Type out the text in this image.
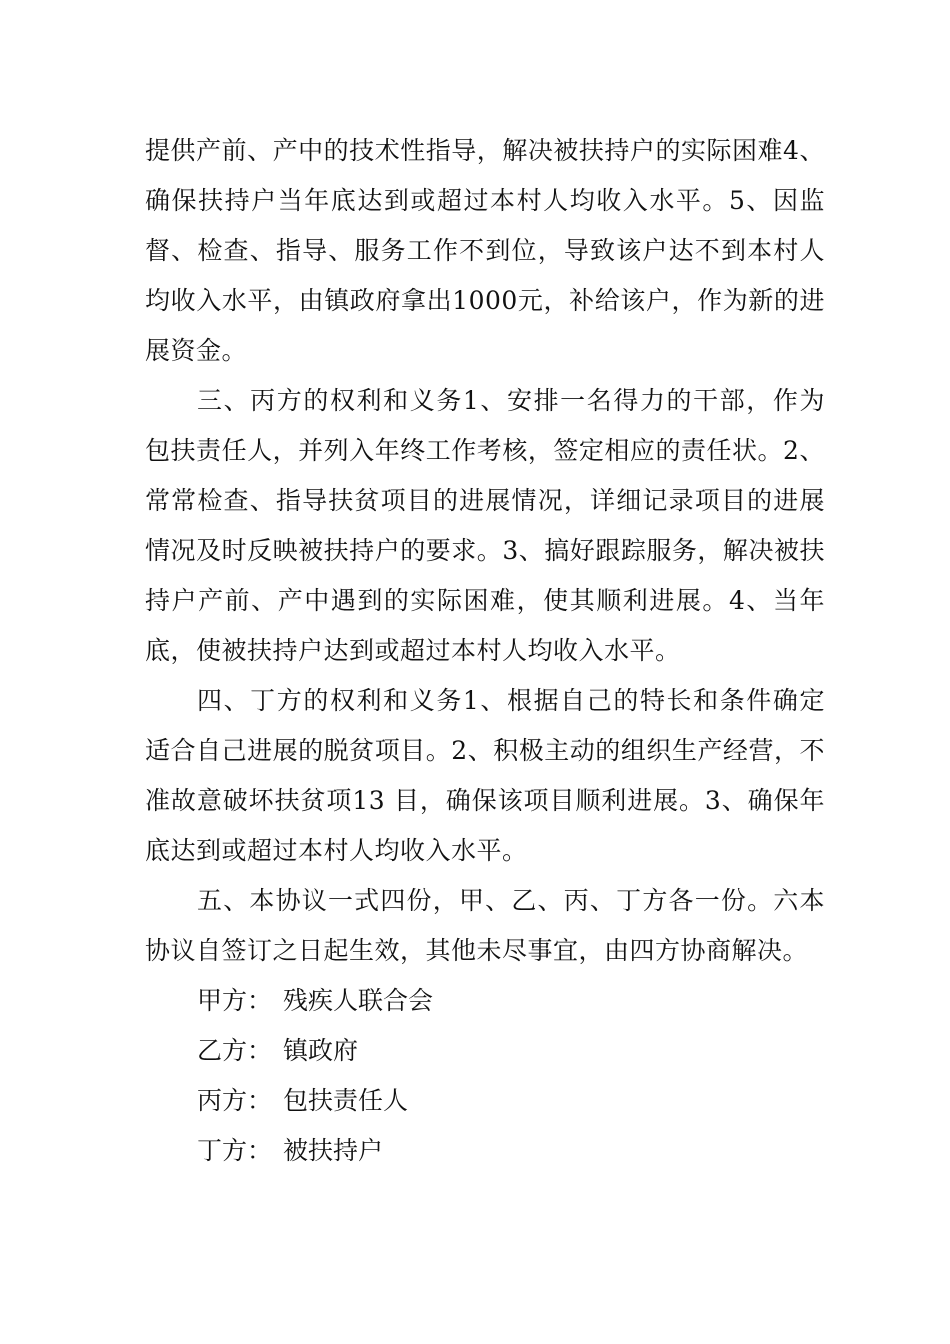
提供产前、产中的技术性指导，解决被扶持户的实际困难4、确保扶持户当年底达到或超过本村人均收入水平。5、因监督、检查、指导、服务工作不到位，导致该户达不到本村人均收入水平，由镇政府拿出1000元，补给该户，作为新的进展资金。

三、丙方的权利和义务1、安排一名得力的干部，作为包扶责任人，并列入年终工作考核，签定相应的责任状。2、常常检查、指导扶贫项目的进展情况，详细记录项目的进展情况及时反映被扶持户的要求。3、搞好跟踪服务，解决被扶持户产前、产中遇到的实际困难，使其顺利进展。4、当年底，使被扶持户达到或超过本村人均收入水平。

四、丁方的权利和义务1、根据自己的特长和条件确定适合自己进展的脱贫项目。2、积极主动的组织生产经营，不准故意破坏扶贫项13 目，确保该项目顺利进展。3、确保年底达到或超过本村人均收入水平。

五、本协议一式四份，甲、乙、丙、丁方各一份。六本协议自签订之日起生效，其他未尽事宜，由四方协商解决。

甲方： 残疾人联合会
乙方： 镇政府
丙方： 包扶责任人
丁方： 被扶持户
